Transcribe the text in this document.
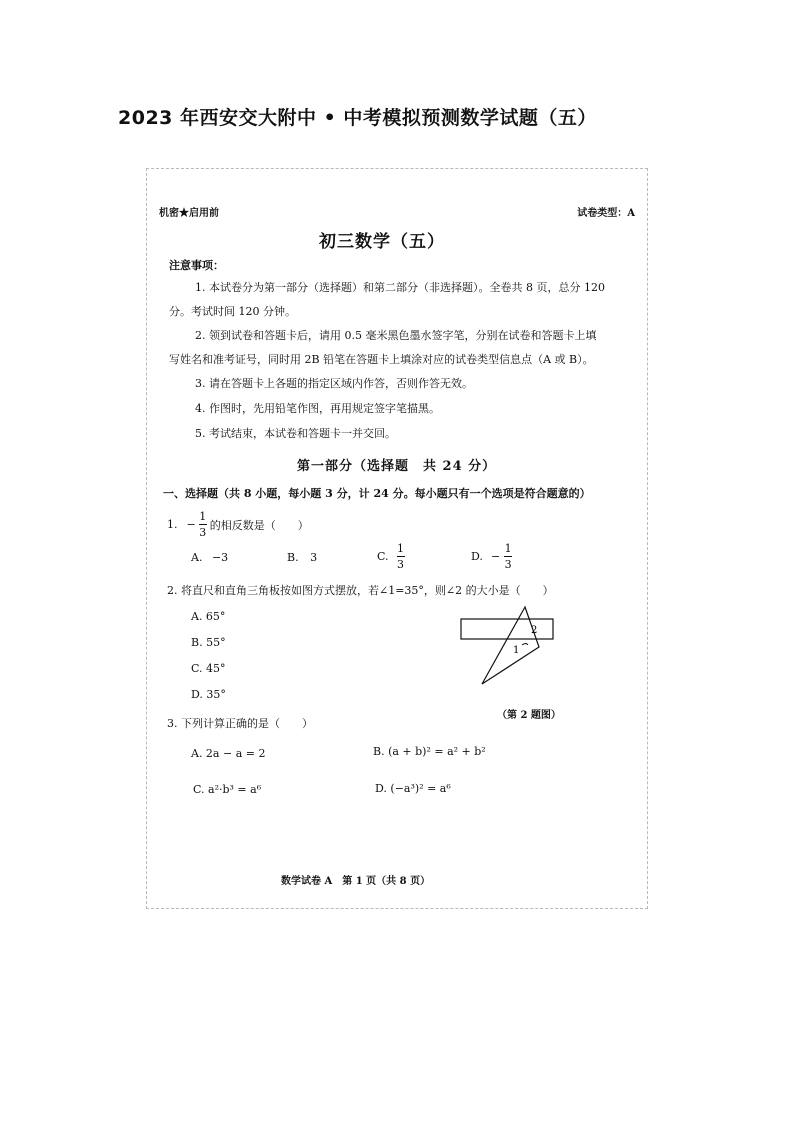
2023 年西安交大附中 • 中考模拟预测数学试题（五）
机密★启用前	试卷类型：A
初三数学（五）
注意事项：
1. 本试卷分为第一部分（选择题）和第二部分（非选择题）。全卷共 8 页，总分 120
分。考试时间 120 分钟。
2. 领到试卷和答题卡后，请用 0.5 毫米黑色墨水签字笔，分别在试卷和答题卡上填
写姓名和准考证号，同时用 2B 铅笔在答题卡上填涂对应的试卷类型信息点（A 或 B）。
3. 请在答题卡上各题的指定区域内作答，否则作答无效。
4. 作图时，先用铅笔作图，再用规定签字笔描黑。
5. 考试结束，本试卷和答题卡一并交回。
第一部分（选择题　共 24 分）
一、选择题（共 8 小题，每小题 3 分，计 24 分。每小题只有一个选项是符合题意的）
1. − $\frac{1}{3}$ 的相反数是（　　）
A. −3	B. 3	C. $\frac{1}{3}$	D. − $\frac{1}{3}$
2. 将直尺和直角三角板按如图方式摆放，若∠1=35°，则∠2 的大小是（　　）
A. 65°
B. 55°
C. 45°
D. 35°
1
2
（第 2 题图）
3. 下列计算正确的是（　　）
A. 2a − a = 2	B. (a + b)² = a² + b²
C. a²·b³ = a⁶	D. (−a³)² = a⁶
数学试卷 A　第 1 页（共 8 页）
